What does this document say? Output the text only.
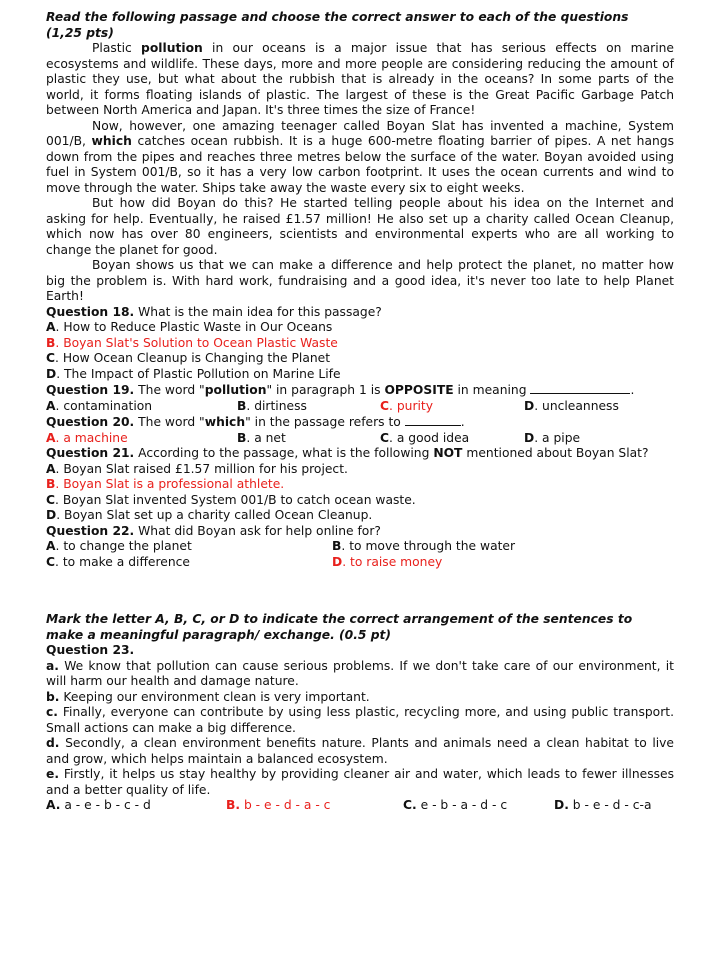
Read the following passage and choose the correct answer to each of the questions
(1,25 pts)

Plastic pollution in our oceans is a major issue that has serious effects on marine ecosystems and wildlife. These days, more and more people are considering reducing the amount of plastic they use, but what about the rubbish that is already in the oceans? In some parts of the world, it forms floating islands of plastic. The largest of these is the Great Pacific Garbage Patch between North America and Japan. It's three times the size of France!

Now, however, one amazing teenager called Boyan Slat has invented a machine, System 001/B, which catches ocean rubbish. It is a huge 600-metre floating barrier of pipes. A net hangs down from the pipes and reaches three metres below the surface of the water. Boyan avoided using fuel in System 001/B, so it has a very low carbon footprint. It uses the ocean currents and wind to move through the water. Ships take away the waste every six to eight weeks.

But how did Boyan do this? He started telling people about his idea on the Internet and asking for help. Eventually, he raised £1.57 million! He also set up a charity called Ocean Cleanup, which now has over 80 engineers, scientists and environmental experts who are all working to change the planet for good.

Boyan shows us that we can make a difference and help protect the planet, no matter how big the problem is. With hard work, fundraising and a good idea, it's never too late to help Planet Earth!

Question 18. What is the main idea for this passage?

A. How to Reduce Plastic Waste in Our Oceans

B. Boyan Slat's Solution to Ocean Plastic Waste

C. How Ocean Cleanup is Changing the Planet

D. The Impact of Plastic Pollution on Marine Life

Question 19. The word "pollution" in paragraph 1 is OPPOSITE in meaning	.

A. contamination	B. dirtiness	C. purity	D. uncleanness

Question 20. The word "which" in the passage refers to	.

A. a machine	B. a net	C. a good idea	D. a pipe

Question 21. According to the passage, what is the following NOT mentioned about Boyan Slat?

A. Boyan Slat raised £1.57 million for his project.

B. Boyan Slat is a professional athlete.

C. Boyan Slat invented System 001/B to catch ocean waste.

D. Boyan Slat set up a charity called Ocean Cleanup.

Question 22. What did Boyan ask for help online for?

A. to change the planet	B. to move through the water
C. to make a difference	D. to raise money

Mark the letter A, B, C, or D to indicate the correct arrangement of the sentences to
make a meaningful paragraph/ exchange. (0.5 pt)

Question 23.

a. We know that pollution can cause serious problems. If we don't take care of our environment, it will harm our health and damage nature.

b. Keeping our environment clean is very important.

c. Finally, everyone can contribute by using less plastic, recycling more, and using public transport. Small actions can make a big difference.

d. Secondly, a clean environment benefits nature. Plants and animals need a clean habitat to live and grow, which helps maintain a balanced ecosystem.

e. Firstly, it helps us stay healthy by providing cleaner air and water, which leads to fewer illnesses and a better quality of life.

A. a - e - b - c - d	B. b - e - d - a - c	C. e - b - a - d - c	D. b - e - d - c-a
